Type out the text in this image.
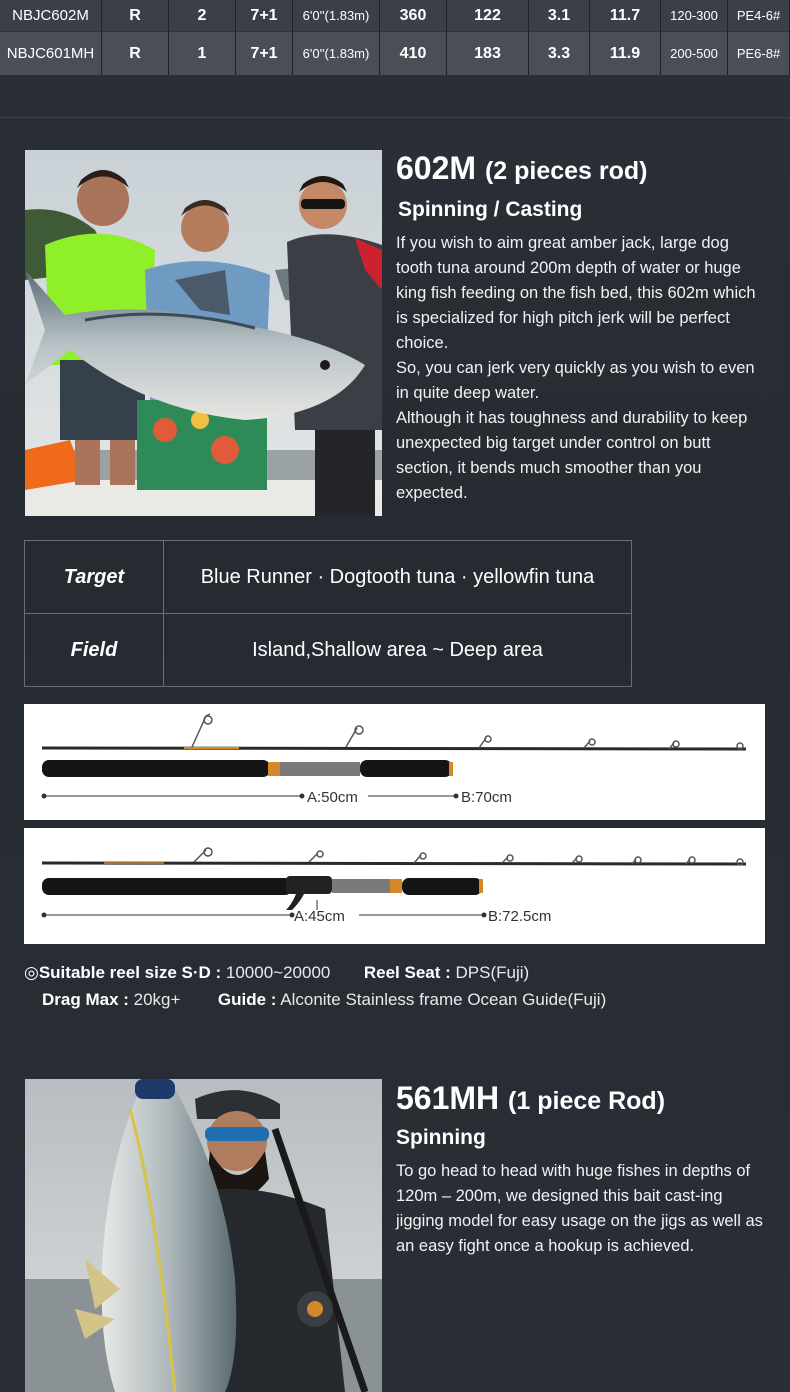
NBJC602M	R	2	7+1	6'0''(1.83m)	360	122	3.1	11.7	120-300	PE4-6#
NBJC601MH	R	1	7+1	6'0''(1.83m)	410	183	3.3	11.9	200-500	PE6-8#
602M (2 pieces rod)
Spinning / Casting

If you wish to aim great amber jack, large dog tooth tuna around 200m depth of water or huge king fish feeding on the fish bed, this 602m which is specialized for high pitch jerk will be perfect choice.

So, you can jerk very quickly as you wish to even in quite deep water.

Although it has toughness and durability to keep unexpected big target under control on butt section, it bends much smoother than you expected.

Target	Blue Runner · Dogtooth tuna · yellowfin tuna
Field	Island,Shallow area ~ Deep area
A:50cm	B:70cm
A:45cm	B:72.5cm
◎Suitable reel size S·D : 10000~20000 Reel Seat : DPS(Fuji)
Drag Max : 20kg+ Guide : Alconite Stainless frame Ocean Guide(Fuji)
561MH (1 piece Rod)
Spinning

To go head to head with huge fishes in depths of 120m – 200m, we designed this bait cast-ing jigging model for easy usage on the jigs as well as an easy fight once a hookup is achieved.
